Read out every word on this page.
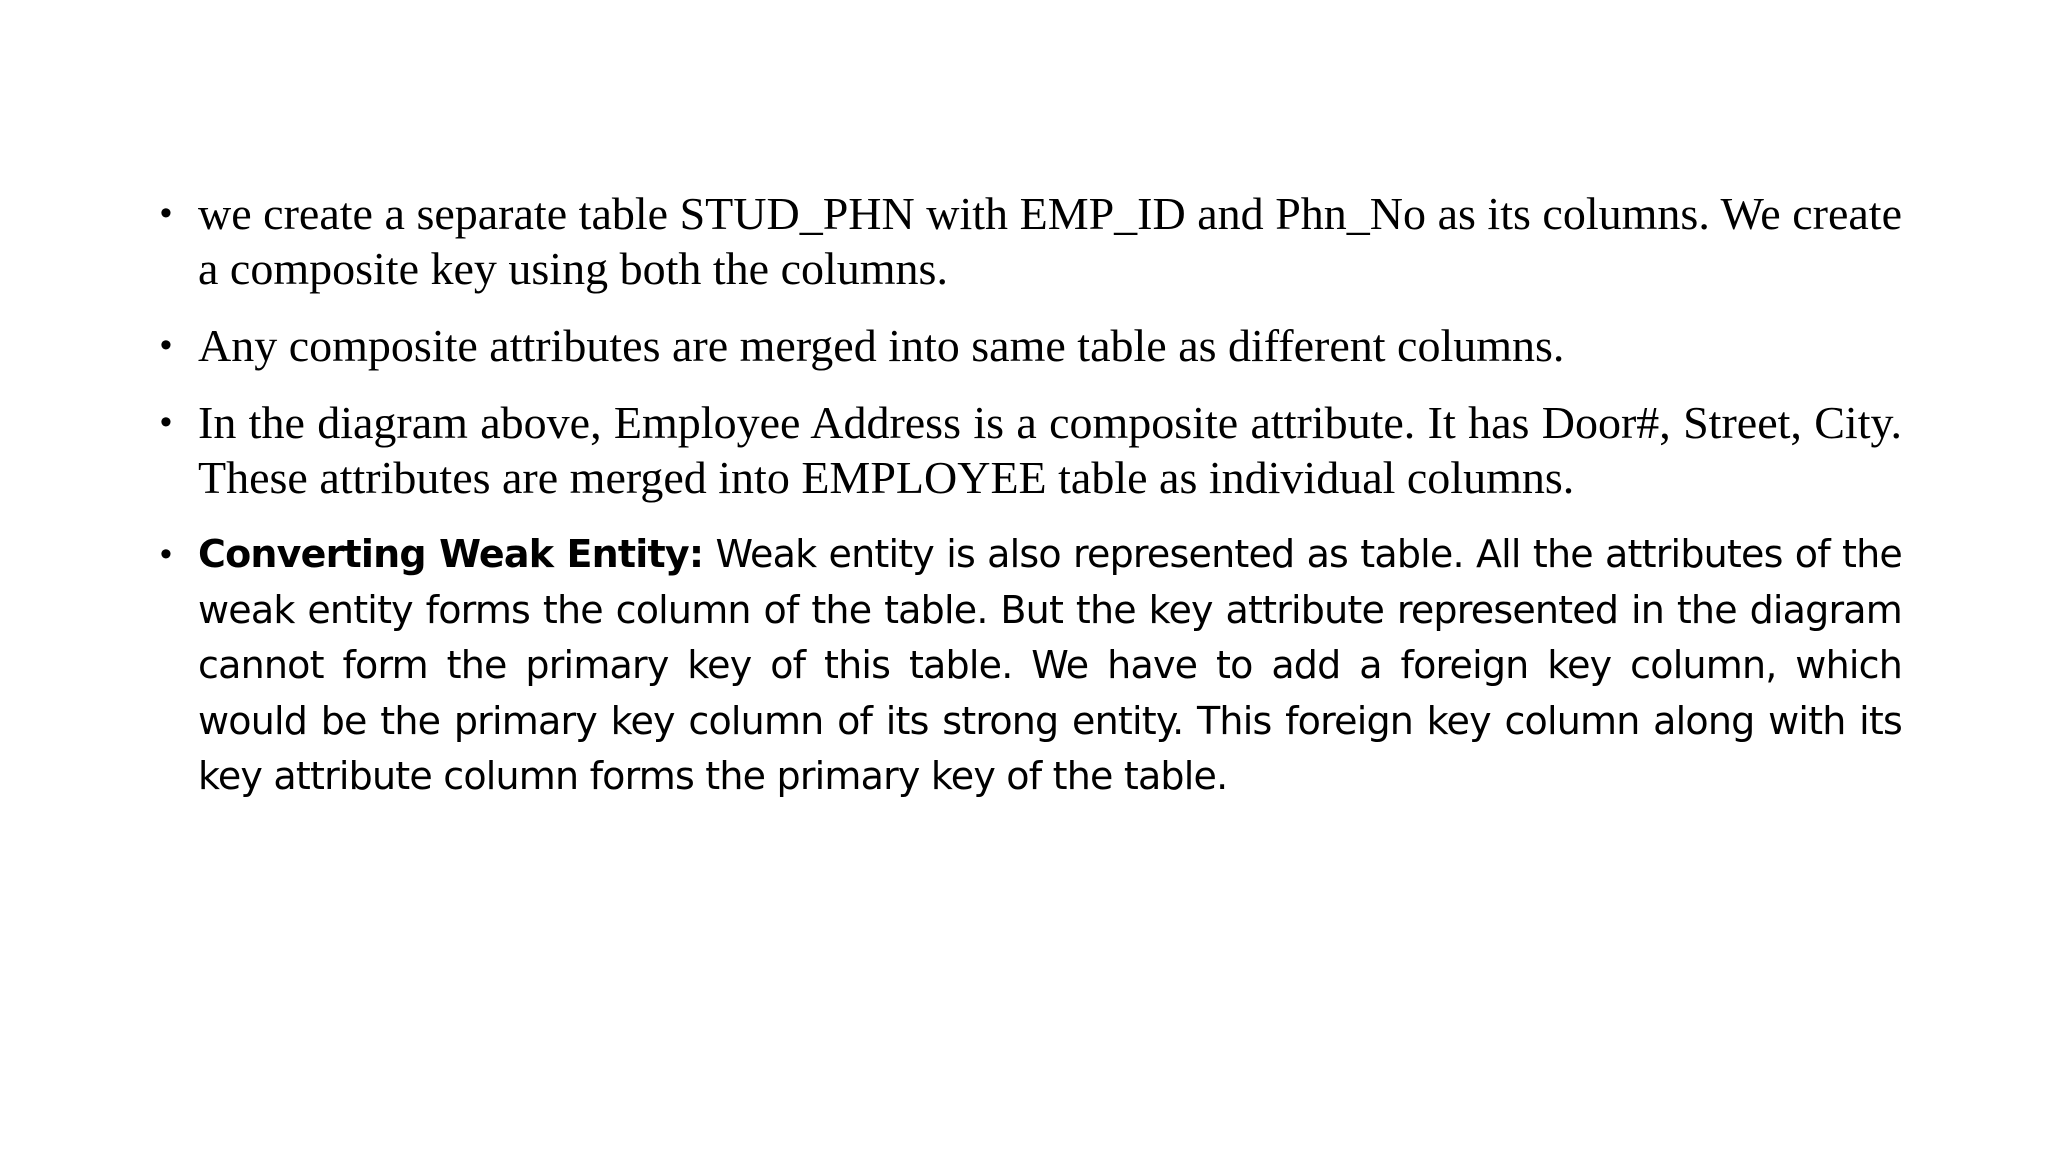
• we create a separate table STUD_PHN with EMP_ID and Phn_No as its columns. We create a composite key using both the columns.
• Any composite attributes are merged into same table as different columns.
• In the diagram above, Employee Address is a composite attribute. It has Door#, Street, City. These attributes are merged into EMPLOYEE table as individual columns.
• Converting Weak Entity: Weak entity is also represented as table. All the attributes of the weak entity forms the column of the table. But the key attribute represented in the diagram cannot form the primary key of this table. We have to add a foreign key column, which would be the primary key column of its strong entity. This foreign key column along with its key attribute column forms the primary key of the table.
